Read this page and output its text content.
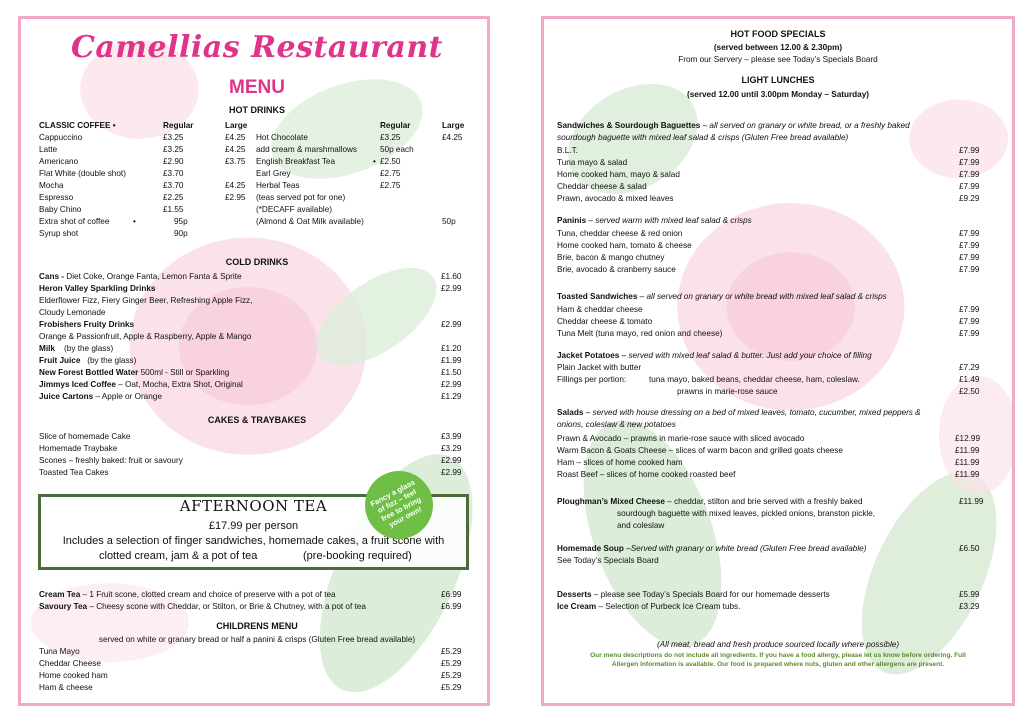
Camellias Restaurant
MENU
HOT DRINKS
CLASSIC COFFEE •	Regular	Large	Regular	Large
Cappuccino	£3.25	£4.25
Latte	£3.25	£4.25
Americano	£2.90	£3.75
Flat White (double shot)	£3.70
Mocha	£3.70	£4.25
Espresso	£2.25	£2.95
Baby Chino	£1.55
Extra shot of coffee	•	95p
Syrup shot	90p
Hot Chocolate	£3.25	£4.25
add cream & marshmallows	50p each
English Breakfast Tea	• £2.50
Earl Grey	£2.75
Herbal Teas	£2.75
(teas served pot for one)
(*DECAFF available)
(Almond & Oat Milk available)	50p
COLD DRINKS
Cans - Diet Coke, Orange Fanta, Lemon Fanta & Sprite	£1.60
Heron Valley Sparkling Drinks	£2.99
Elderflower Fizz, Fiery Ginger Beer, Refreshing Apple Fizz,
Cloudy Lemonade
Frobishers Fruity Drinks	£2.99
Orange & Passionfruit, Apple & Raspberry, Apple & Mango
Milk (by the glass)	£1.20
Fruit Juice (by the glass)	£1.99
New Forest Bottled Water 500ml - Still or Sparkling	£1.50
Jimmys Iced Coffee – Oat, Mocha, Extra Shot, Original	£2.99
Juice Cartons – Apple or Orange	£1.29
CAKES & TRAYBAKES
Slice of homemade Cake	£3.99
Homemade Traybake	£3.29
Scones – freshly baked: fruit or savoury	£2.99
Toasted Tea Cakes	£2.99
AFTERNOON TEA
£17.99 per person
Includes a selection of finger sandwiches, homemade cakes, a fruit scone with
clotted cream, jam & a pot of tea	(pre-booking required)
Fancy a glass of fizz – feel free to bring your own!
Cream Tea – 1 Fruit scone, clotted cream and choice of preserve with a pot of tea	£6.99
Savoury Tea – Cheesy scone with Cheddar, or Stilton, or Brie & Chutney, with a pot of tea	£6.99
CHILDRENS MENU
served on white or granary bread or half a panini & crisps (Gluten Free bread available)
Tuna Mayo	£5.29
Cheddar Cheese	£5.29
Home cooked ham	£5.29
Ham & cheese	£5.29
HOT FOOD SPECIALS
(served between 12.00 & 2.30pm)
From our Servery – please see Today’s Specials Board
LIGHT LUNCHES
(served 12.00 until 3.00pm Monday – Saturday)
Sandwiches & Sourdough Baguettes – all served on granary or white bread, or a freshly baked
sourdough baguette with mixed leaf salad & crisps (Gluten Free bread available)
B.L.T.	£7.99
Tuna mayo & salad	£7.99
Home cooked ham, mayo & salad	£7.99
Cheddar cheese & salad	£7.99
Prawn, avocado & mixed leaves	£9.29
Paninis – served warm with mixed leaf salad & crisps
Tuna, cheddar cheese & red onion	£7.99
Home cooked ham, tomato & cheese	£7.99
Brie, bacon & mango chutney	£7.99
Brie, avocado & cranberry sauce	£7.99
Toasted Sandwiches – all served on granary or white bread with mixed leaf salad & crisps
Ham & cheddar cheese	£7.99
Cheddar cheese & tomato	£7.99
Tuna Melt (tuna mayo, red onion and cheese)	£7.99
Jacket Potatoes – served with mixed leaf salad & butter. Just add your choice of filling
Plain Jacket with butter	£7.29
Fillings per portion:	tuna mayo, baked beans, cheddar cheese, ham, coleslaw.	£1.49
prawns in marie-rose sauce	£2.50
Salads – served with house dressing on a bed of mixed leaves, tomato, cucumber, mixed peppers &
onions, coleslaw & new potatoes
Prawn & Avocado – prawns in marie-rose sauce with sliced avocado	£12.99
Warm Bacon & Goats Cheese – slices of warm bacon and grilled goats cheese	£11.99
Ham – slices of home cooked ham	£11.99
Roast Beef – slices of home cooked roasted beef	£11.99
Ploughman’s Mixed Cheese – cheddar, stilton and brie served with a freshly baked	£11.99
sourdough baguette with mixed leaves, pickled onions, branston pickle,
and coleslaw
Homemade Soup –Served with granary or white bread (Gluten Free bread available)	£6.50
See Today’s Specials Board
Desserts – please see Today’s Specials Board for our homemade desserts	£5.99
Ice Cream – Selection of Purbeck Ice Cream tubs.	£3.29
(All meat, bread and fresh produce sourced locally where possible)
Our menu descriptions do not include all ingredients. If you have a food allergy, please let us know before ordering. Full
Allergen information is available. Our food is prepared where nuts, gluten and other allergens are present.
